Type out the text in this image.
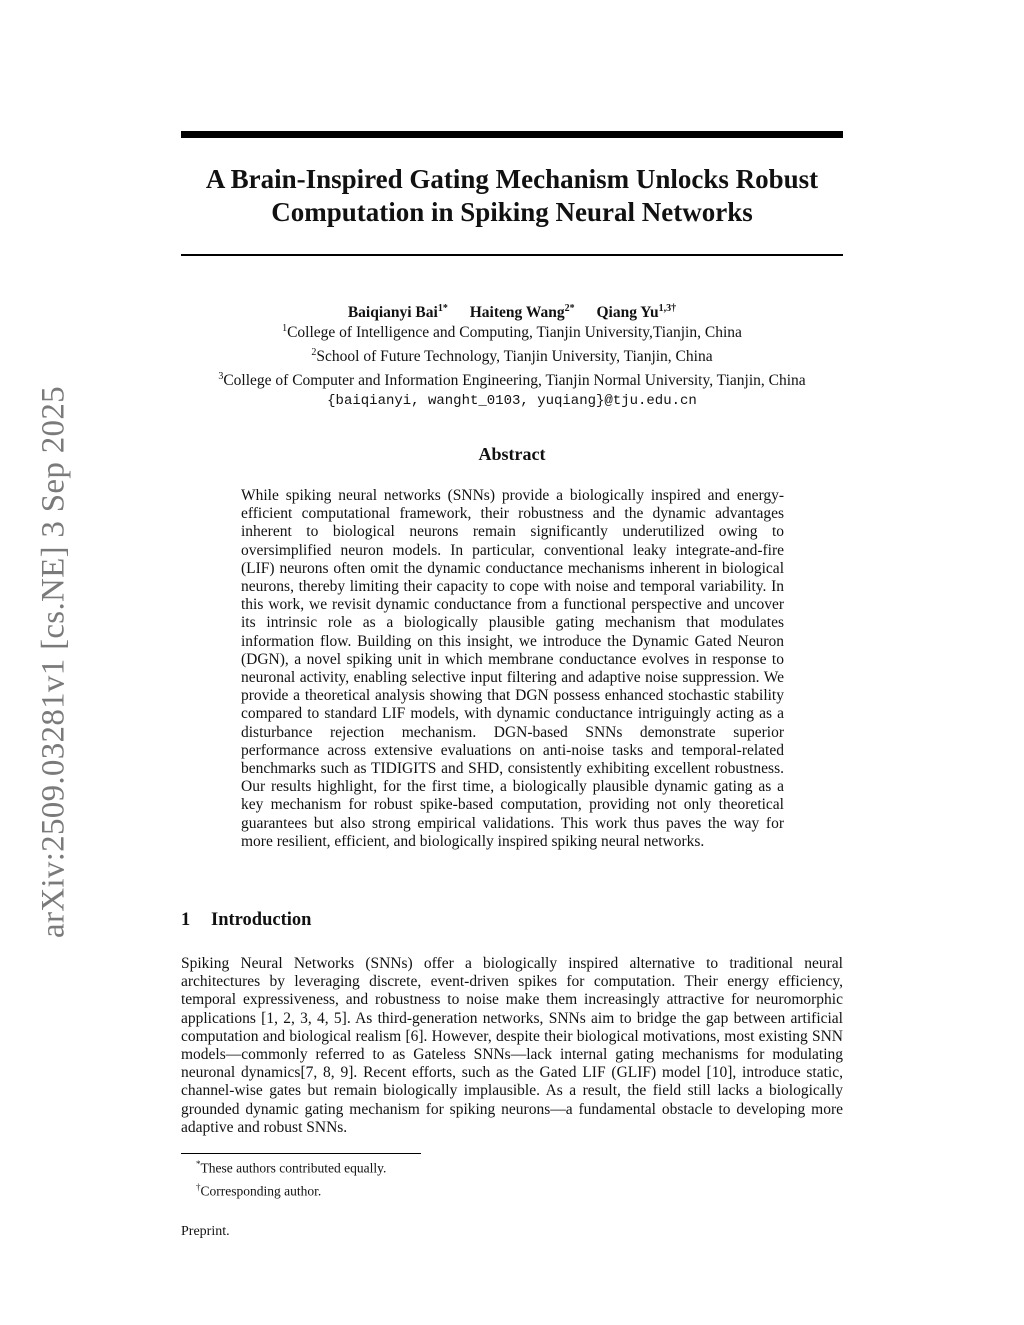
arXiv:2509.03281v1 [cs.NE] 3 Sep 2025
A Brain-Inspired Gating Mechanism Unlocks Robust Computation in Spiking Neural Networks
Baiqianyi Bai$^{1*}$ Haiteng Wang$^{2*}$ Qiang $Yu^{1,3\dagger}$
$^1$College of Intelligence and Computing, Tianjin University,Tianjin, China
$^2$School of Future Technology, Tianjin University, Tianjin, China
$^3$College of Computer and Information Engineering, Tianjin Normal University, Tianjin, China
{baiqianyi, wanght_0103, yuqiang}@tju.edu.cn
Abstract

While spiking neural networks (SNNs) provide a biologically inspired and energy-efficient computational framework, their robustness and the dynamic advantages inherent to biological neurons remain significantly underutilized owing to oversimplified neuron models. In particular, conventional leaky integrate-and-fire (LIF) neurons often omit the dynamic conductance mechanisms inherent in biological neurons, thereby limiting their capacity to cope with noise and temporal variability. In this work, we revisit dynamic conductance from a functional perspective and uncover its intrinsic role as a biologically plausible gating mechanism that modulates information flow. Building on this insight, we introduce the Dynamic Gated Neuron (DGN), a novel spiking unit in which membrane conductance evolves in response to neuronal activity, enabling selective input filtering and adaptive noise suppression. We provide a theoretical analysis showing that DGN possess enhanced stochastic stability compared to standard LIF models, with dynamic conductance intriguingly acting as a disturbance rejection mechanism. DGN-based SNNs demonstrate superior performance across extensive evaluations on anti-noise tasks and temporal-related benchmarks such as TIDIGITS and SHD, consistently exhibiting excellent robustness. Our results highlight, for the first time, a biologically plausible dynamic gating as a key mechanism for robust spike-based computation, providing not only theoretical guarantees but also strong empirical validations. This work thus paves the way for more resilient, efficient, and biologically inspired spiking neural networks.

1 Introduction

Spiking Neural Networks (SNNs) offer a biologically inspired alternative to traditional neural architectures by leveraging discrete, event-driven spikes for computation. Their energy efficiency, temporal expressiveness, and robustness to noise make them increasingly attractive for neuromorphic applications [1, 2, 3, 4, 5]. As third-generation networks, SNNs aim to bridge the gap between artificial computation and biological realism [6]. However, despite their biological motivations, most existing SNN models—commonly referred to as Gateless SNNs—lack internal gating mechanisms for modulating neuronal dynamics[7, 8, 9]. Recent efforts, such as the Gated LIF (GLIF) model [10], introduce static, channel-wise gates but remain biologically implausible. As a result, the field still lacks a biologically grounded dynamic gating mechanism for spiking neurons—a fundamental obstacle to developing more adaptive and robust SNNs.

*These authors contributed equally.
†Corresponding author.
Preprint.
